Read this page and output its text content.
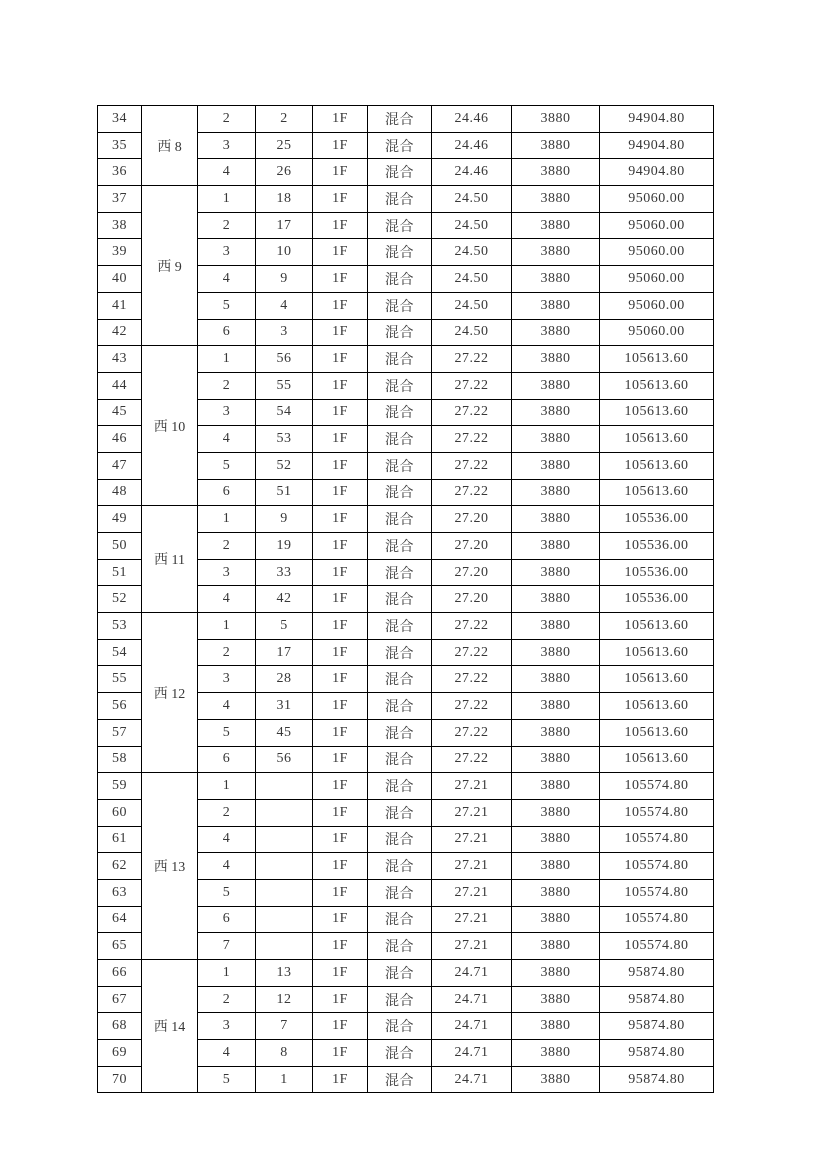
34	西 8	2	2	1F	混合	24.46	3880	94904.80
35		3	25	1F	混合	24.46	3880	94904.80
36		4	26	1F	混合	24.46	3880	94904.80
37	西 9	1	18	1F	混合	24.50	3880	95060.00
38		2	17	1F	混合	24.50	3880	95060.00
39		3	10	1F	混合	24.50	3880	95060.00
40		4	9	1F	混合	24.50	3880	95060.00
41		5	4	1F	混合	24.50	3880	95060.00
42		6	3	1F	混合	24.50	3880	95060.00
43	西 10	1	56	1F	混合	27.22	3880	105613.60
44		2	55	1F	混合	27.22	3880	105613.60
45		3	54	1F	混合	27.22	3880	105613.60
46		4	53	1F	混合	27.22	3880	105613.60
47		5	52	1F	混合	27.22	3880	105613.60
48		6	51	1F	混合	27.22	3880	105613.60
49	西 11	1	9	1F	混合	27.20	3880	105536.00
50		2	19	1F	混合	27.20	3880	105536.00
51		3	33	1F	混合	27.20	3880	105536.00
52		4	42	1F	混合	27.20	3880	105536.00
53	西 12	1	5	1F	混合	27.22	3880	105613.60
54		2	17	1F	混合	27.22	3880	105613.60
55		3	28	1F	混合	27.22	3880	105613.60
56		4	31	1F	混合	27.22	3880	105613.60
57		5	45	1F	混合	27.22	3880	105613.60
58		6	56	1F	混合	27.22	3880	105613.60
59	西 13	1		1F	混合	27.21	3880	105574.80
60		2		1F	混合	27.21	3880	105574.80
61		4		1F	混合	27.21	3880	105574.80
62		4		1F	混合	27.21	3880	105574.80
63		5		1F	混合	27.21	3880	105574.80
64		6		1F	混合	27.21	3880	105574.80
65		7		1F	混合	27.21	3880	105574.80
66	西 14	1	13	1F	混合	24.71	3880	95874.80
67		2	12	1F	混合	24.71	3880	95874.80
68		3	7	1F	混合	24.71	3880	95874.80
69		4	8	1F	混合	24.71	3880	95874.80
70		5	1	1F	混合	24.71	3880	95874.80
